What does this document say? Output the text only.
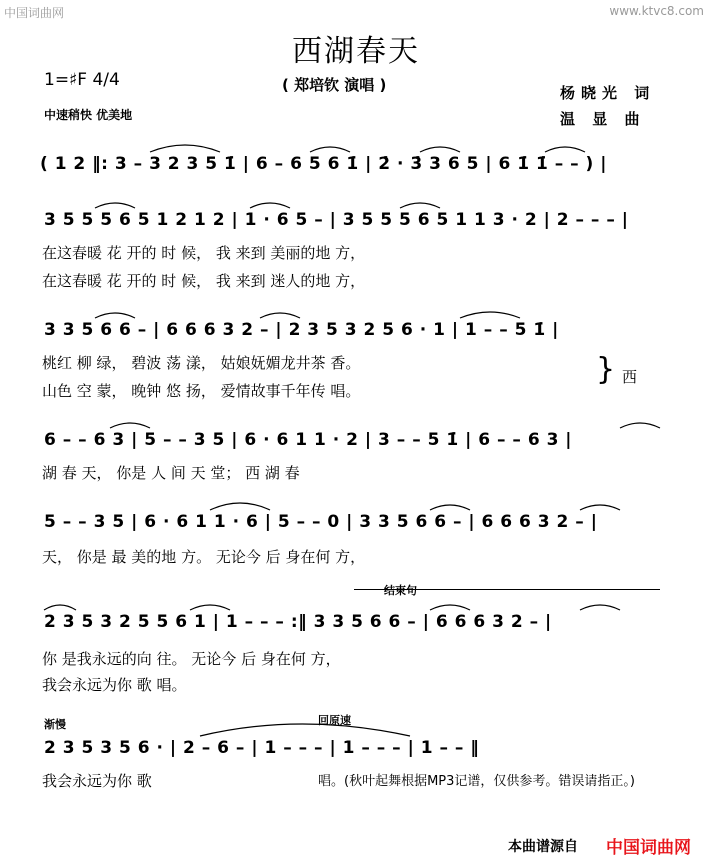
中国词曲网	www.ktvc8.com
西湖春天
( 郑培钦 演唱 )
1=♯F 4/4
中速稍快 优美地
杨晓光 词
温 显 曲
( 1 2 ‖: 3 – 3 2 3 5 1̇ | 6 – 6 5 6 1̇ | 2̇ · 3̇ 3 6 5 | 6 1̇ 1̇ – – ) |
3 5 5 5 6 5 1 2 1 2 | 1 · 6 5 – | 3 5 5 5 6 5 1 1 3 · 2 | 2 – – – |
在这春暖 花 开的 时 候， 我 来到 美丽的地 方，
在这春暖 花 开的 时 候， 我 来到 迷人的地 方，
3 3 5 6 6 – | 6 6 6 3 2 – | 2 3 5 3 2 5 6 · 1 | 1 – – 5 1̇ |
桃红 柳 绿， 碧波 荡 漾， 姑娘妩媚龙井茶 香。
山色 空 蒙， 晚钟 悠 扬， 爱情故事千年传 唱。
} 西
6 – – 6 3 | 5 – – 3 5 | 6 · 6 1 1 · 2 | 3 – – 5 1̇ | 6 – – 6 3 |
湖 春 天， 你是 人 间 天 堂； 西 湖 春
5 – – 3 5 | 6 · 6 1 1 · 6 | 5 – – 0 | 3 3 5 6 6 – | 6 6 6 3 2 – |
天， 你是 最 美的地 方。 无论今 后 身在何 方，
结束句
2 3 5 3 2 5 5 6 1 | 1 – – – :‖ 3 3 5 6 6 – | 6 6 6 3 2 – |
你 是我永远的向 往。 无论今 后 身在何 方，
我会永远为你 歌 唱。
渐慢	回原速
2 3 5 3 5 6 · | 2 – 6 – | 1 – – – | 1 – – – | 1 – – ‖
我会永远为你 歌	唱。(秋叶起舞根据MP3记谱，仅供参考。错误请指正。)
本曲谱源自 中国词曲网
